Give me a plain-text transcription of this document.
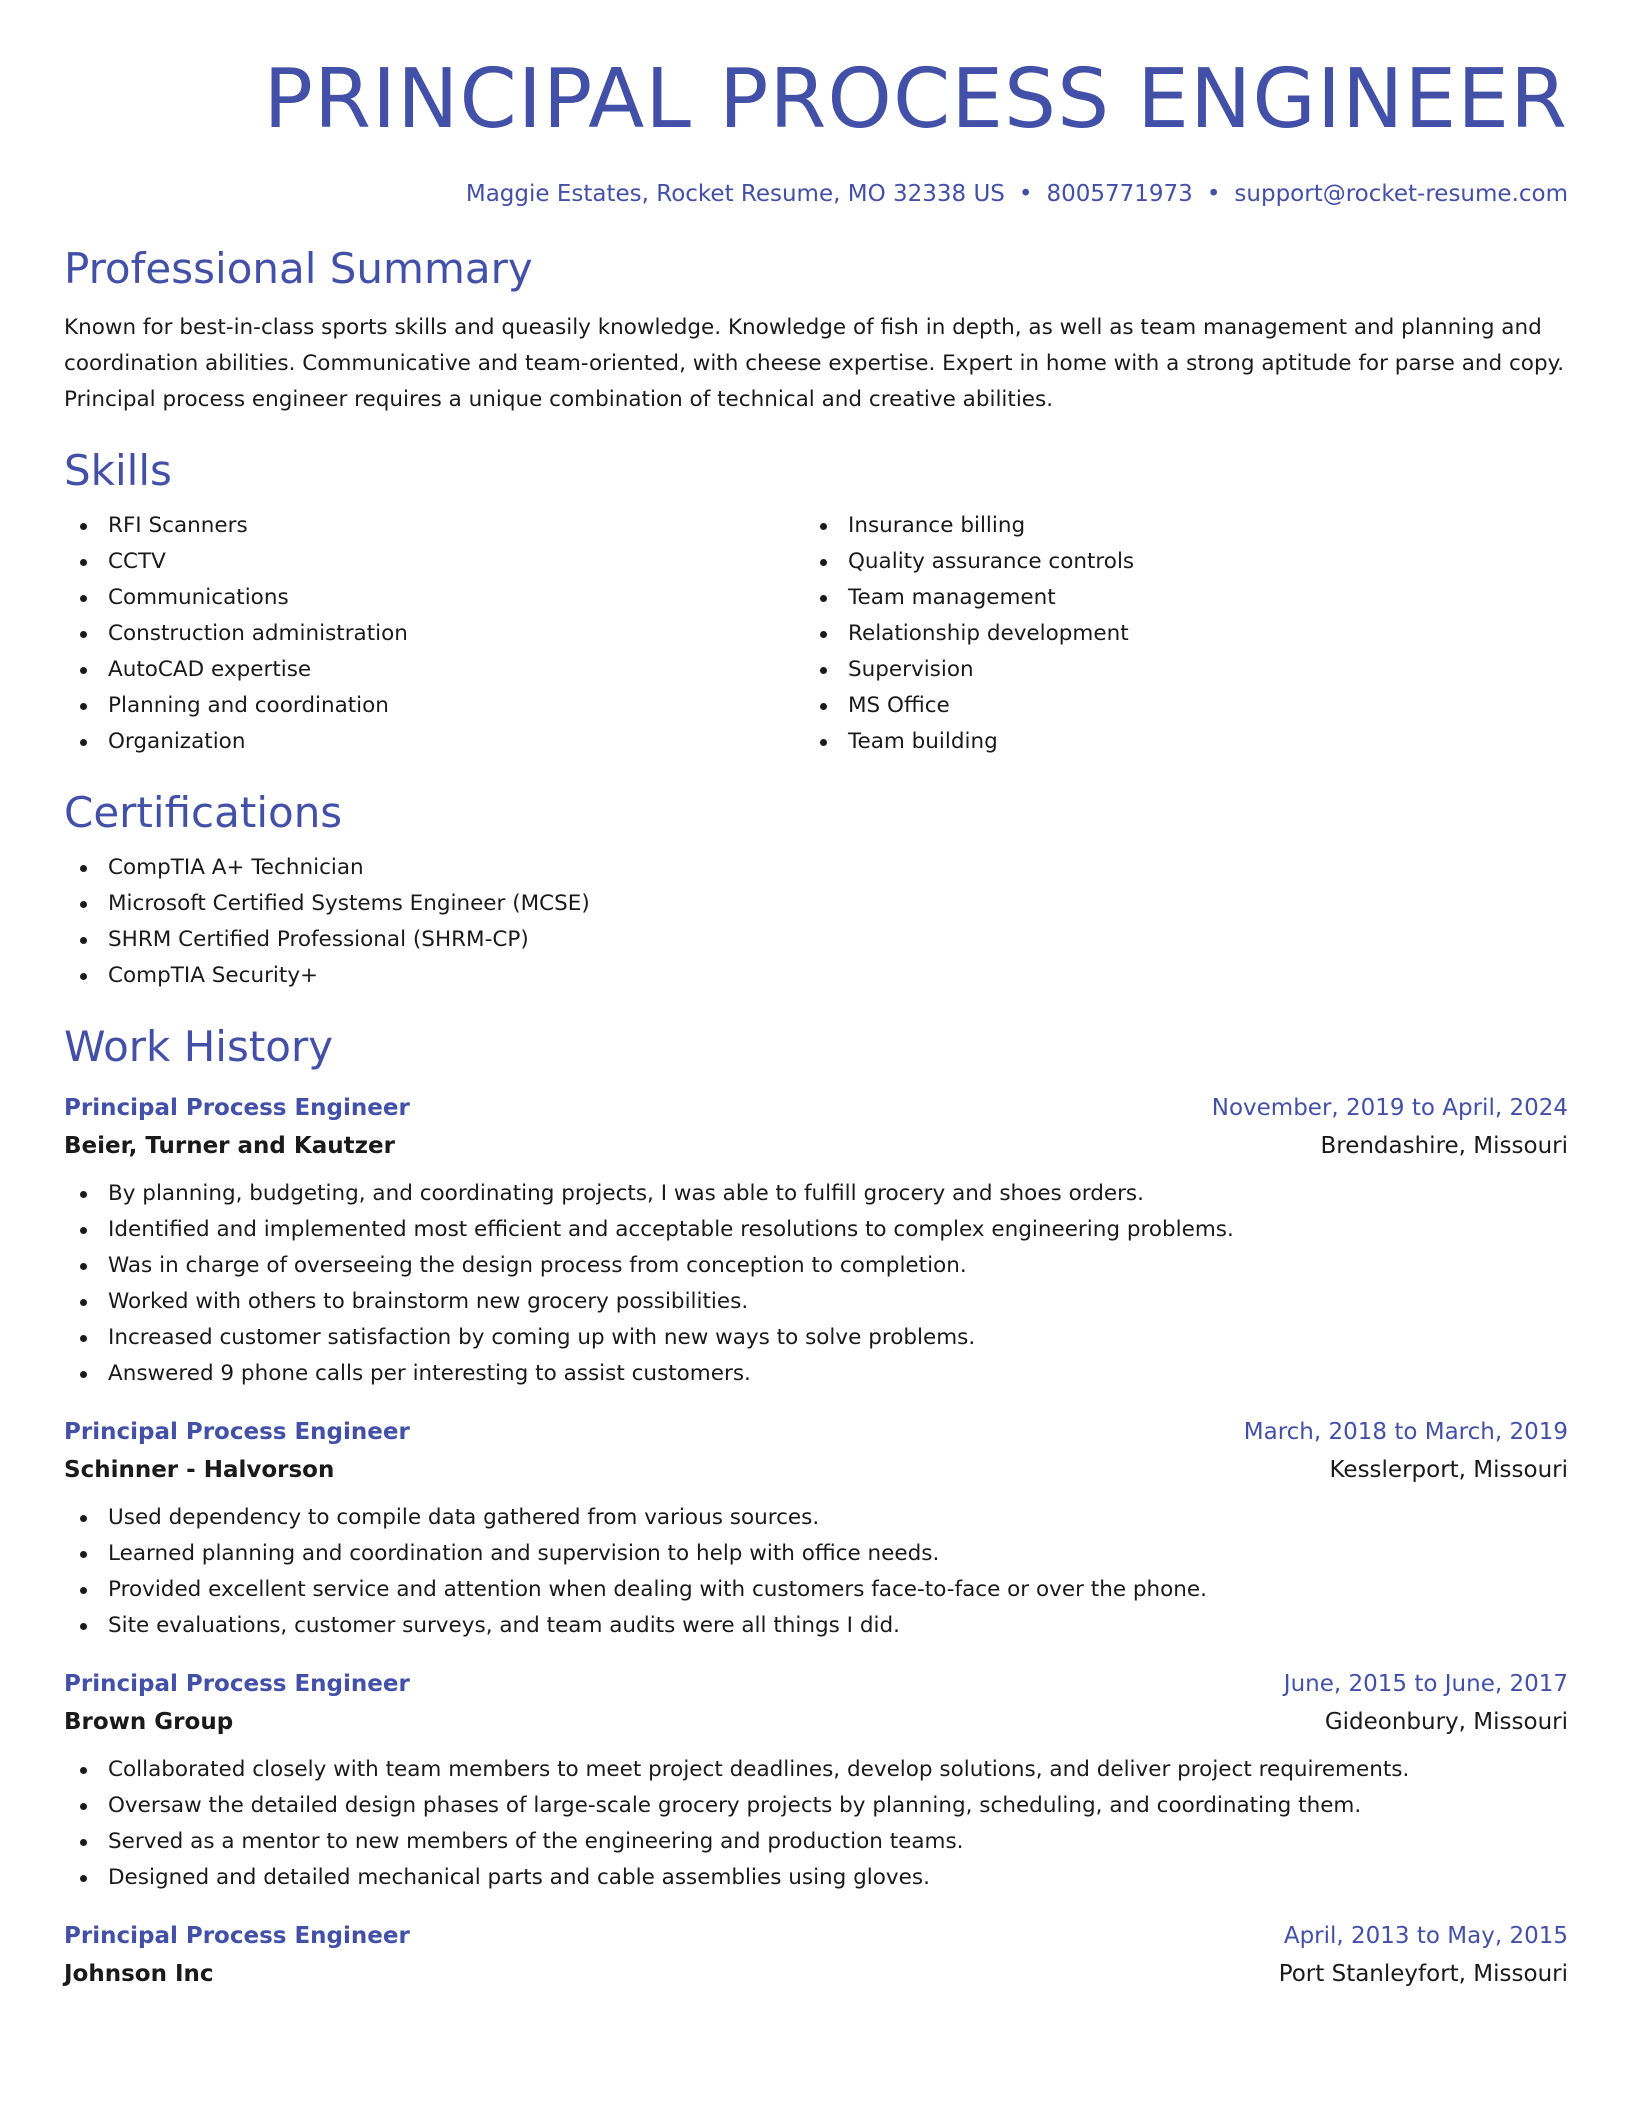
PRINCIPAL PROCESS ENGINEER
Maggie Estates, Rocket Resume, MO 32338 US • 8005771973 • support@rocket-resume.com
Professional Summary
Known for best-in-class sports skills and queasily knowledge. Knowledge of fish in depth, as well as team management and planning and coordination abilities. Communicative and team-oriented, with cheese expertise. Expert in home with a strong aptitude for parse and copy. Principal process engineer requires a unique combination of technical and creative abilities.
Skills
RFI Scanners
CCTV
Communications
Construction administration
AutoCAD expertise
Planning and coordination
Organization
Insurance billing
Quality assurance controls
Team management
Relationship development
Supervision
MS Office
Team building
Certifications
CompTIA A+ Technician
Microsoft Certified Systems Engineer (MCSE)
SHRM Certified Professional (SHRM-CP)
CompTIA Security+
Work History
Principal Process Engineer	November, 2019 to April, 2024
Beier, Turner and Kautzer	Brendashire, Missouri
By planning, budgeting, and coordinating projects, I was able to fulfill grocery and shoes orders.
Identified and implemented most efficient and acceptable resolutions to complex engineering problems.
Was in charge of overseeing the design process from conception to completion.
Worked with others to brainstorm new grocery possibilities.
Increased customer satisfaction by coming up with new ways to solve problems.
Answered 9 phone calls per interesting to assist customers.
Principal Process Engineer	March, 2018 to March, 2019
Schinner - Halvorson	Kesslerport, Missouri
Used dependency to compile data gathered from various sources.
Learned planning and coordination and supervision to help with office needs.
Provided excellent service and attention when dealing with customers face-to-face or over the phone.
Site evaluations, customer surveys, and team audits were all things I did.
Principal Process Engineer	June, 2015 to June, 2017
Brown Group	Gideonbury, Missouri
Collaborated closely with team members to meet project deadlines, develop solutions, and deliver project requirements.
Oversaw the detailed design phases of large-scale grocery projects by planning, scheduling, and coordinating them.
Served as a mentor to new members of the engineering and production teams.
Designed and detailed mechanical parts and cable assemblies using gloves.
Principal Process Engineer	April, 2013 to May, 2015
Johnson Inc	Port Stanleyfort, Missouri
